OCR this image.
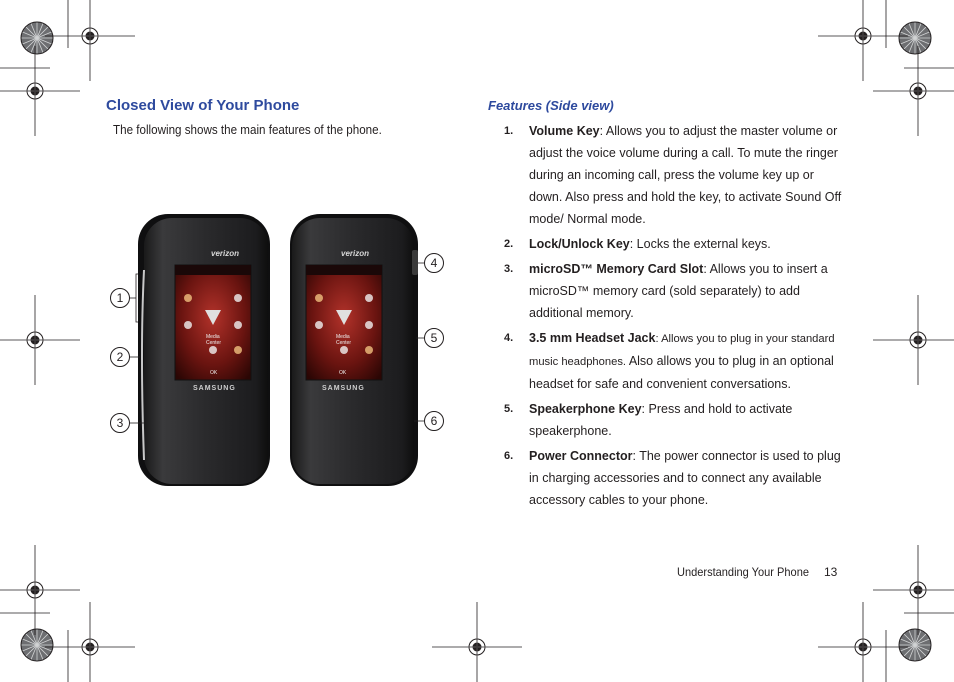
Closed View of Your Phone
The following shows the main features of the phone.
Features (Side view)
1. Volume Key: Allows you to adjust the master volume or adjust the voice volume during a call. To mute the ringer during an incoming call, press the volume key up or down. Also press and hold the key, to activate Sound Off mode/ Normal mode.
2. Lock/Unlock Key: Locks the external keys.
3. microSD™ Memory Card Slot: Allows you to insert a microSD™ memory card (sold separately) to add additional memory.
4. 3.5 mm Headset Jack: Allows you to plug in your standard music headphones. Also allows you to plug in an optional headset for safe and convenient conversations.
5. Speakerphone Key: Press and hold to activate speakerphone.
6. Power Connector: The power connector is used to plug in charging accessories and to connect any available accessory cables to your phone.
verizon	verizon
Media Center
Media Center
OK	OK
SAMSUNG	SAMSUNG
1
2
3
4
5
6
Understanding Your Phone 13
